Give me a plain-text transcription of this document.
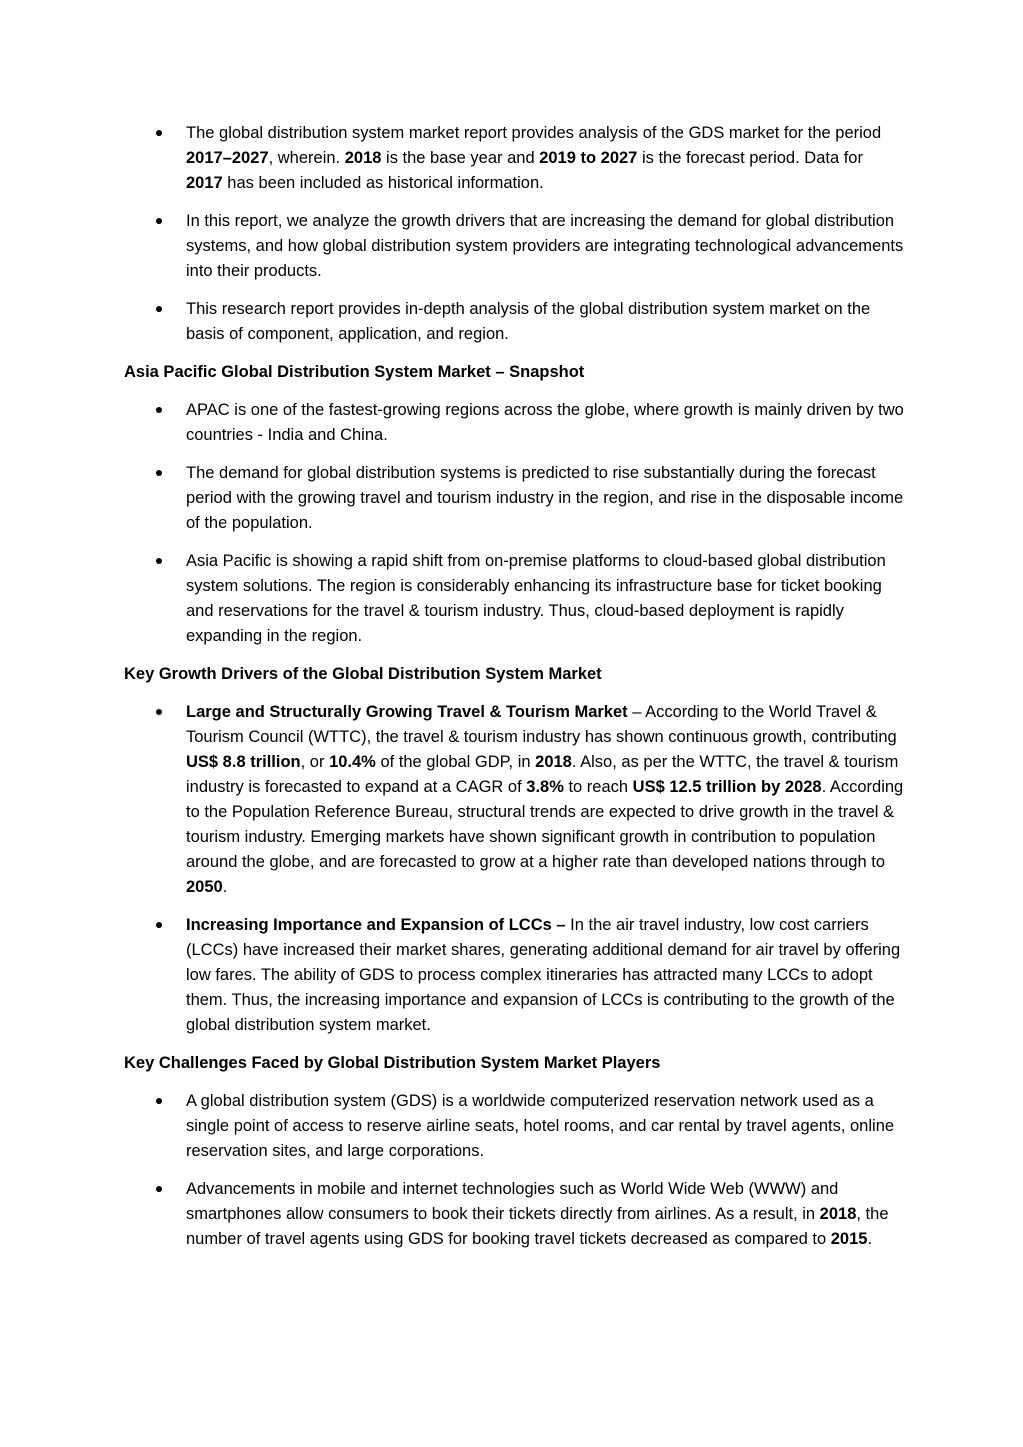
The global distribution system market report provides analysis of the GDS market for the period 2017–2027, wherein. 2018 is the base year and 2019 to 2027 is the forecast period. Data for 2017 has been included as historical information.
In this report, we analyze the growth drivers that are increasing the demand for global distribution systems, and how global distribution system providers are integrating technological advancements into their products.
This research report provides in-depth analysis of the global distribution system market on the basis of component, application, and region.

Asia Pacific Global Distribution System Market – Snapshot

APAC is one of the fastest-growing regions across the globe, where growth is mainly driven by two countries - India and China.
The demand for global distribution systems is predicted to rise substantially during the forecast period with the growing travel and tourism industry in the region, and rise in the disposable income of the population.
Asia Pacific is showing a rapid shift from on-premise platforms to cloud-based global distribution system solutions. The region is considerably enhancing its infrastructure base for ticket booking and reservations for the travel & tourism industry. Thus, cloud-based deployment is rapidly expanding in the region.

Key Growth Drivers of the Global Distribution System Market

Large and Structurally Growing Travel & Tourism Market – According to the World Travel & Tourism Council (WTTC), the travel & tourism industry has shown continuous growth, contributing US$ 8.8 trillion, or 10.4% of the global GDP, in 2018. Also, as per the WTTC, the travel & tourism industry is forecasted to expand at a CAGR of 3.8% to reach US$ 12.5 trillion by 2028. According to the Population Reference Bureau, structural trends are expected to drive growth in the travel & tourism industry. Emerging markets have shown significant growth in contribution to population around the globe, and are forecasted to grow at a higher rate than developed nations through to 2050.
Increasing Importance and Expansion of LCCs – In the air travel industry, low cost carriers (LCCs) have increased their market shares, generating additional demand for air travel by offering low fares. The ability of GDS to process complex itineraries has attracted many LCCs to adopt them. Thus, the increasing importance and expansion of LCCs is contributing to the growth of the global distribution system market.

Key Challenges Faced by Global Distribution System Market Players

A global distribution system (GDS) is a worldwide computerized reservation network used as a single point of access to reserve airline seats, hotel rooms, and car rental by travel agents, online reservation sites, and large corporations.
Advancements in mobile and internet technologies such as World Wide Web (WWW) and smartphones allow consumers to book their tickets directly from airlines. As a result, in 2018, the number of travel agents using GDS for booking travel tickets decreased as compared to 2015.
